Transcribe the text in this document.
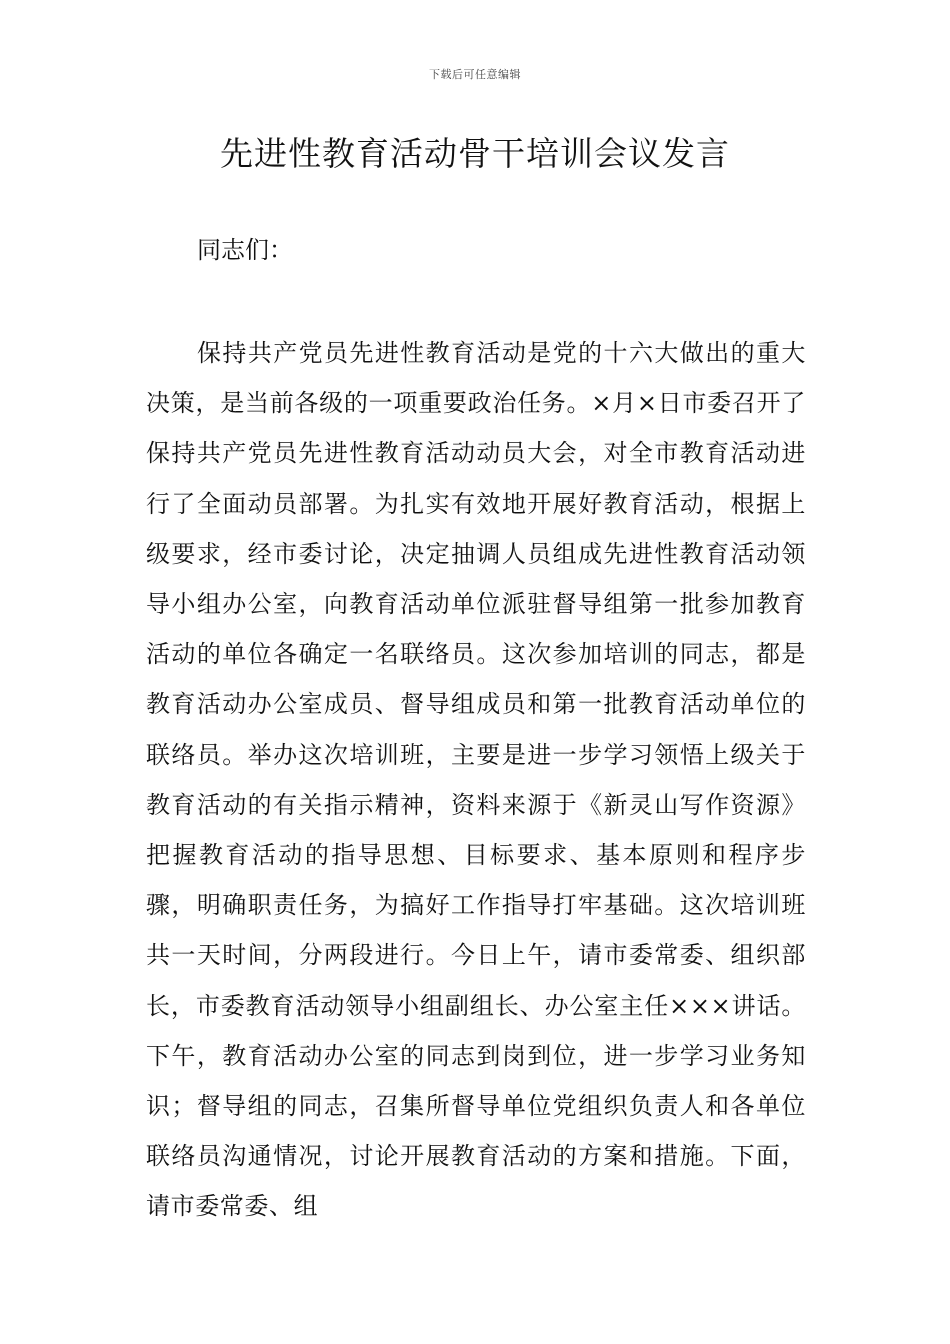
下载后可任意编辑
先进性教育活动骨干培训会议发言

同志们：

保持共产党员先进性教育活动是党的十六大做出的重大决策，是当前各级的一项重要政治任务。×月×日市委召开了保持共产党员先进性教育活动动员大会，对全市教育活动进行了全面动员部署。为扎实有效地开展好教育活动，根据上级要求，经市委讨论，决定抽调人员组成先进性教育活动领导小组办公室，向教育活动单位派驻督导组第一批参加教育活动的单位各确定一名联络员。这次参加培训的同志，都是教育活动办公室成员、督导组成员和第一批教育活动单位的联络员。举办这次培训班，主要是进一步学习领悟上级关于教育活动的有关指示精神，资料来源于《新灵山写作资源》把握教育活动的指导思想、目标要求、基本原则和程序步骤，明确职责任务，为搞好工作指导打牢基础。这次培训班共一天时间，分两段进行。今日上午，请市委常委、组织部长，市委教育活动领导小组副组长、办公室主任×××讲话。下午，教育活动办公室的同志到岗到位，进一步学习业务知识；督导组的同志，召集所督导单位党组织负责人和各单位联络员沟通情况，讨论开展教育活动的方案和措施。下面，请市委常委、组
